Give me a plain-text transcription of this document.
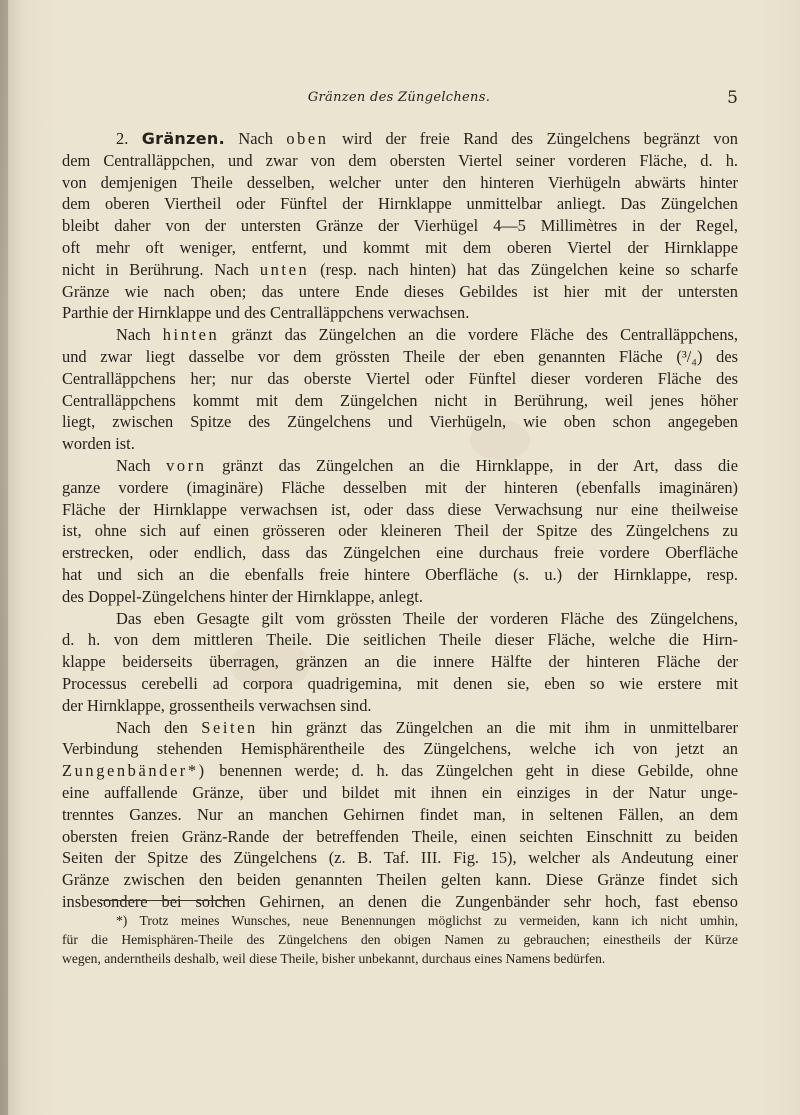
Gränzen des Züngelchens.	5
2. Gränzen. Nach oben wird der freie Rand des Züngelchens begränzt von
dem Centralläppchen, und zwar von dem obersten Viertel seiner vorderen Fläche, d. h.
von demjenigen Theile desselben, welcher unter den hinteren Vierhügeln abwärts hinter
dem oberen Viertheil oder Fünftel der Hirnklappe unmittelbar anliegt. Das Züngelchen
bleibt daher von der untersten Gränze der Vierhügel 4—5 Millimètres in der Regel,
oft mehr oft weniger, entfernt, und kommt mit dem oberen Viertel der Hirnklappe
nicht in Berührung. Nach unten (resp. nach hinten) hat das Züngelchen keine so scharfe
Gränze wie nach oben; das untere Ende dieses Gebildes ist hier mit der untersten
Parthie der Hirnklappe und des Centralläppchens verwachsen.
Nach hinten gränzt das Züngelchen an die vordere Fläche des Centralläppchens,
und zwar liegt dasselbe vor dem grössten Theile der eben genannten Fläche (³/₄) des
Centralläppchens her; nur das oberste Viertel oder Fünftel dieser vorderen Fläche des
Centralläppchens kommt mit dem Züngelchen nicht in Berührung, weil jenes höher
liegt, zwischen Spitze des Züngelchens und Vierhügeln, wie oben schon angegeben
worden ist.
Nach vorn gränzt das Züngelchen an die Hirnklappe, in der Art, dass die
ganze vordere (imaginäre) Fläche desselben mit der hinteren (ebenfalls imaginären)
Fläche der Hirnklappe verwachsen ist, oder dass diese Verwachsung nur eine theilweise
ist, ohne sich auf einen grösseren oder kleineren Theil der Spitze des Züngelchens zu
erstrecken, oder endlich, dass das Züngelchen eine durchaus freie vordere Oberfläche
hat und sich an die ebenfalls freie hintere Oberfläche (s. u.) der Hirnklappe, resp.
des Doppel-Züngelchens hinter der Hirnklappe, anlegt.
Das eben Gesagte gilt vom grössten Theile der vorderen Fläche des Züngelchens,
d. h. von dem mittleren Theile. Die seitlichen Theile dieser Fläche, welche die Hirn-
klappe beiderseits überragen, gränzen an die innere Hälfte der hinteren Fläche der
Processus cerebelli ad corpora quadrigemina, mit denen sie, eben so wie erstere mit
der Hirnklappe, grossentheils verwachsen sind.
Nach den Seiten hin gränzt das Züngelchen an die mit ihm in unmittelbarer
Verbindung stehenden Hemisphärentheile des Züngelchens, welche ich von jetzt an
Zungenbänder*) benennen werde; d. h. das Züngelchen geht in diese Gebilde, ohne
eine auffallende Gränze, über und bildet mit ihnen ein einziges in der Natur unge-
trenntes Ganzes. Nur an manchen Gehirnen findet man, in seltenen Fällen, an dem
obersten freien Gränz-Rande der betreffenden Theile, einen seichten Einschnitt zu beiden
Seiten der Spitze des Züngelchens (z. B. Taf. III. Fig. 15), welcher als Andeutung einer
Gränze zwischen den beiden genannten Theilen gelten kann. Diese Gränze findet sich
insbesondere bei solchen Gehirnen, an denen die Zungenbänder sehr hoch, fast ebenso
*) Trotz meines Wunsches, neue Benennungen möglichst zu vermeiden, kann ich nicht umhin,
für die Hemisphären-Theile des Züngelchens den obigen Namen zu gebrauchen; einestheils der Kürze
wegen, anderntheils deshalb, weil diese Theile, bisher unbekannt, durchaus eines Namens bedürfen.
